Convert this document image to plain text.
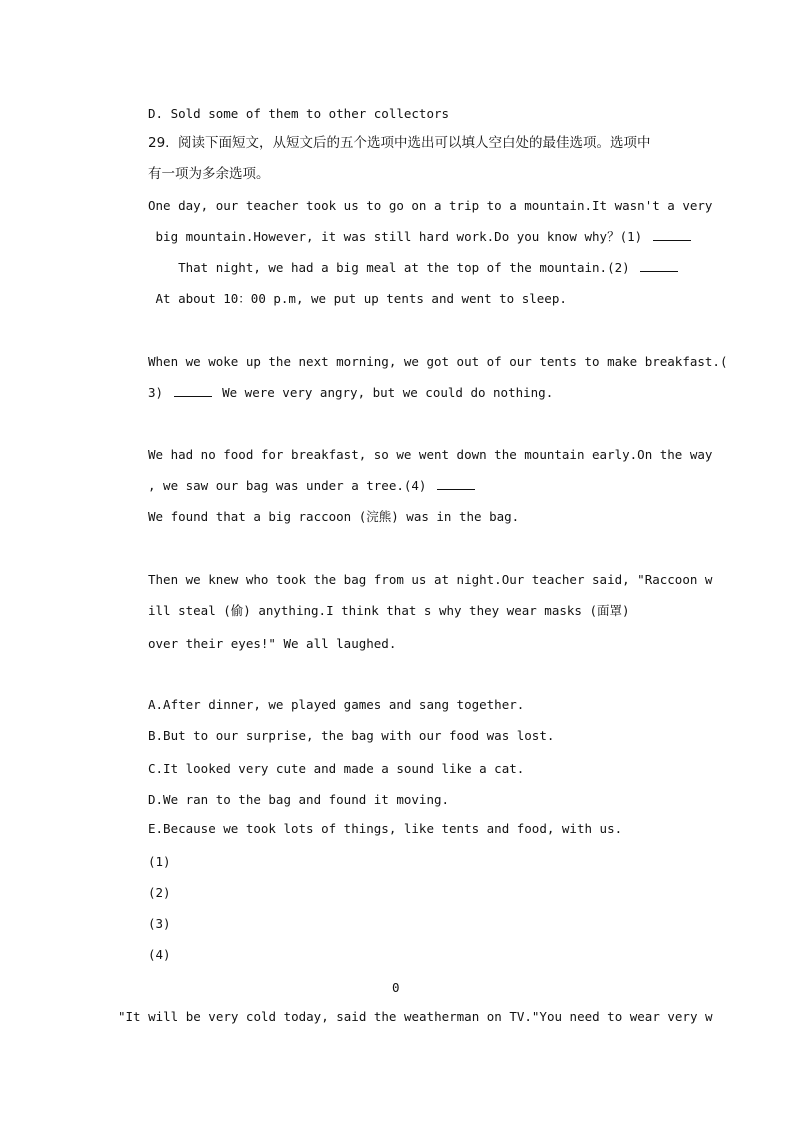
D. Sold some of them to other collectors
29.  阅读下面短文，从短文后的五个选项中选出可以填人空白处的最佳选项。选项中
有一项为多余选项。
One day, our teacher took us to go on a trip to a mountain.It wasn't a very
big mountain.However, it was still hard work.Do you know why？(1)
That night, we had a big meal at the top of the mountain.(2)
At about 10：00 p.m, we put up tents and went to sleep.
When we woke up the next morning, we got out of our tents to make breakfast.(
3)	We were very angry, but we could do nothing.
We had no food for breakfast, so we went down the mountain early.On the way
, we saw our bag was under a tree.(4)
We found that a big raccoon (浣熊) was in the bag.
Then we knew who took the bag from us at night.Our teacher said, "Raccoon w
ill steal (偷) anything.I think that s why they wear masks (面罩)
over their eyes!" We all laughed.
A.After dinner, we played games and sang together.
B.But to our surprise, the bag with our food was lost.
C.It looked very cute and made a sound like a cat.
D.We ran to the bag and found it moving.
E.Because we took lots of things, like tents and food, with us.
(1)
(2)
(3)
(4)
0
"It will be very cold today, said the weatherman on TV."You need to wear very w
